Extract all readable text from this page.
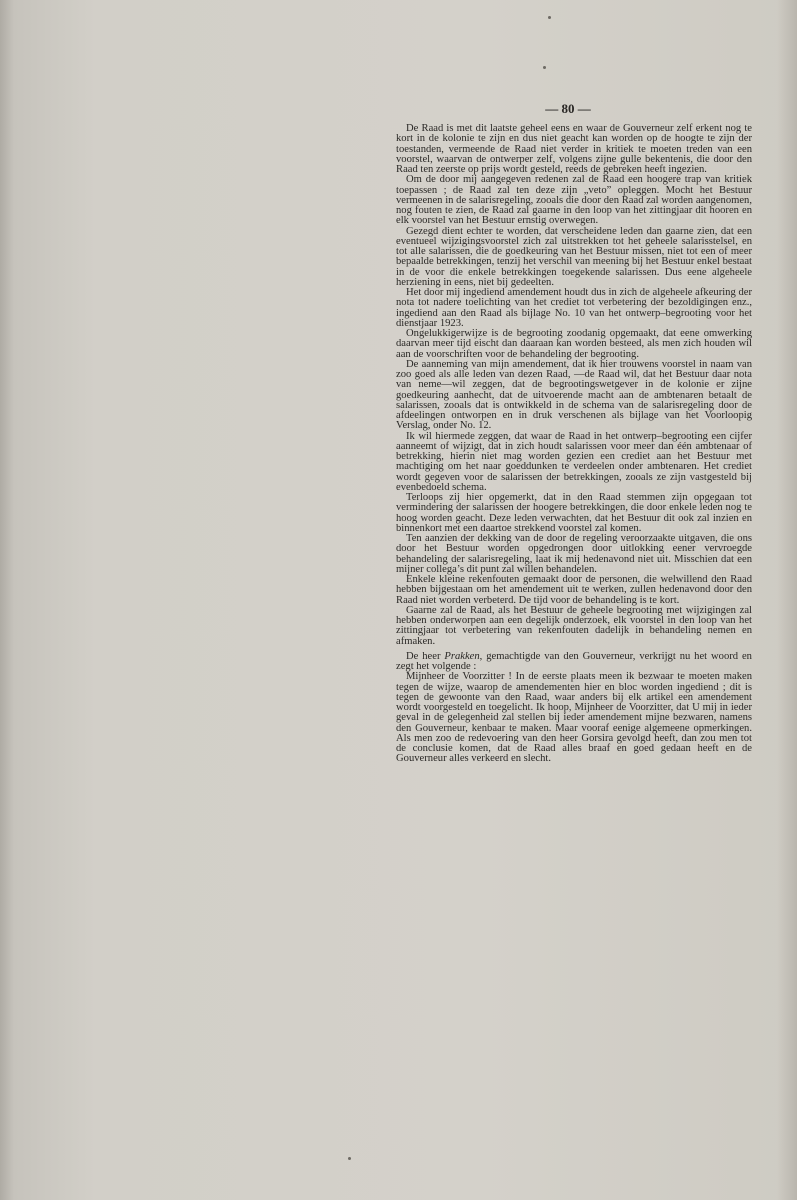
— 80 —

De Raad is met dit laatste geheel eens en waar de Gouverneur zelf erkent nog te kort in de kolonie te zijn en dus niet geacht kan worden op de hoogte te zijn der toestanden, vermeende de Raad niet verder in kritiek te moeten treden van een voorstel, waarvan de ontwerper zelf, volgens zijne gulle bekentenis, die door den Raad ten zeerste op prijs wordt gesteld, reeds de gebreken heeft ingezien.

Om de door mij aangegeven redenen zal de Raad een hoogere trap van kritiek toepassen ; de Raad zal ten deze zijn „veto” opleggen. Mocht het Bestuur vermeenen in de salarisregeling, zooals die door den Raad zal worden aangenomen, nog fouten te zien, de Raad zal gaarne in den loop van het zittingjaar dit hooren en elk voorstel van het Bestuur ernstig overwegen.

Gezegd dient echter te worden, dat verscheidene leden dan gaarne zien, dat een eventueel wijzigingsvoorstel zich zal uitstrekken tot het geheele salarisstelsel, en tot alle salarissen, die de goedkeuring van het Bestuur missen, niet tot een of meer bepaalde betrekkingen, tenzij het verschil van meening bij het Bestuur enkel bestaat in de voor die enkele betrekkingen toegekende salarissen. Dus eene algeheele herziening in eens, niet bij gedeelten.

Het door mij ingediend amendement houdt dus in zich de algeheele afkeuring der nota tot nadere toelichting van het crediet tot verbetering der bezoldigingen enz., ingediend aan den Raad als bijlage No. 10 van het ontwerp–begrooting voor het dienstjaar 1923.

Ongelukkigerwijze is de begrooting zoodanig opgemaakt, dat eene omwerking daarvan meer tijd eischt dan daaraan kan worden besteed, als men zich houden wil aan de voorschriften voor de behandeling der begrooting.

De aanneming van mijn amendement, dat ik hier trouwens voorstel in naam van zoo goed als alle leden van dezen Raad, —de Raad wil, dat het Bestuur daar nota van neme—wil zeggen, dat de begrootingswetgever in de kolonie er zijne goedkeuring aanhecht, dat de uitvoerende macht aan de ambtenaren betaalt de salarissen, zooals dat is ontwikkeld in de schema van de salarisregeling door de afdeelingen ontworpen en in druk verschenen als bijlage van het Voorloopig Verslag, onder No. 12.

Ik wil hiermede zeggen, dat waar de Raad in het ontwerp–begrooting een cijfer aanneemt of wijzigt, dat in zich houdt salarissen voor meer dan één ambtenaar of betrekking, hierin niet mag worden gezien een crediet aan het Bestuur met machtiging om het naar goeddunken te verdeelen onder ambtenaren. Het crediet wordt gegeven voor de salarissen der betrekkingen, zooals ze zijn vastgesteld bij evenbedoeld schema.

Terloops zij hier opgemerkt, dat in den Raad stemmen zijn opgegaan tot vermindering der salarissen der hoogere betrekkingen, die door enkele leden nog te hoog worden geacht. Deze leden verwachten, dat het Bestuur dit ook zal inzien en binnenkort met een daartoe strekkend voorstel zal komen.

Ten aanzien der dekking van de door de regeling veroorzaakte uitgaven, die ons door het Bestuur worden opgedrongen door uitlokking eener vervroegde behandeling der salarisregeling, laat ik mij hedenavond niet uit. Misschien dat een mijner collega’s dit punt zal willen behandelen.

Enkele kleine rekenfouten gemaakt door de personen, die welwillend den Raad hebben bijgestaan om het amendement uit te werken, zullen hedenavond door den Raad niet worden verbeterd. De tijd voor de behandeling is te kort.

Gaarne zal de Raad, als het Bestuur de geheele begrooting met wijzigingen zal hebben onderworpen aan een degelijk onderzoek, elk voorstel in den loop van het zittingjaar tot verbetering van rekenfouten dadelijk in behandeling nemen en afmaken.

De heer Prakken, gemachtigde van den Gouverneur, verkrijgt nu het woord en zegt het volgende :

Mijnheer de Voorzitter ! In de eerste plaats meen ik bezwaar te moeten maken tegen de wijze, waarop de amendementen hier en bloc worden ingediend ; dit is tegen de gewoonte van den Raad, waar anders bij elk artikel een amendement wordt voorgesteld en toegelicht. Ik hoop, Mijnheer de Voorzitter, dat U mij in ieder geval in de gelegenheid zal stellen bij ieder amendement mijne bezwaren, namens den Gouverneur, kenbaar te maken. Maar vooraf eenige algemeene opmerkingen. Als men zoo de redevoering van den heer Gorsira gevolgd heeft, dan zou men tot de conclusie komen, dat de Raad alles braaf en goed gedaan heeft en de Gouverneur alles verkeerd en slecht.
